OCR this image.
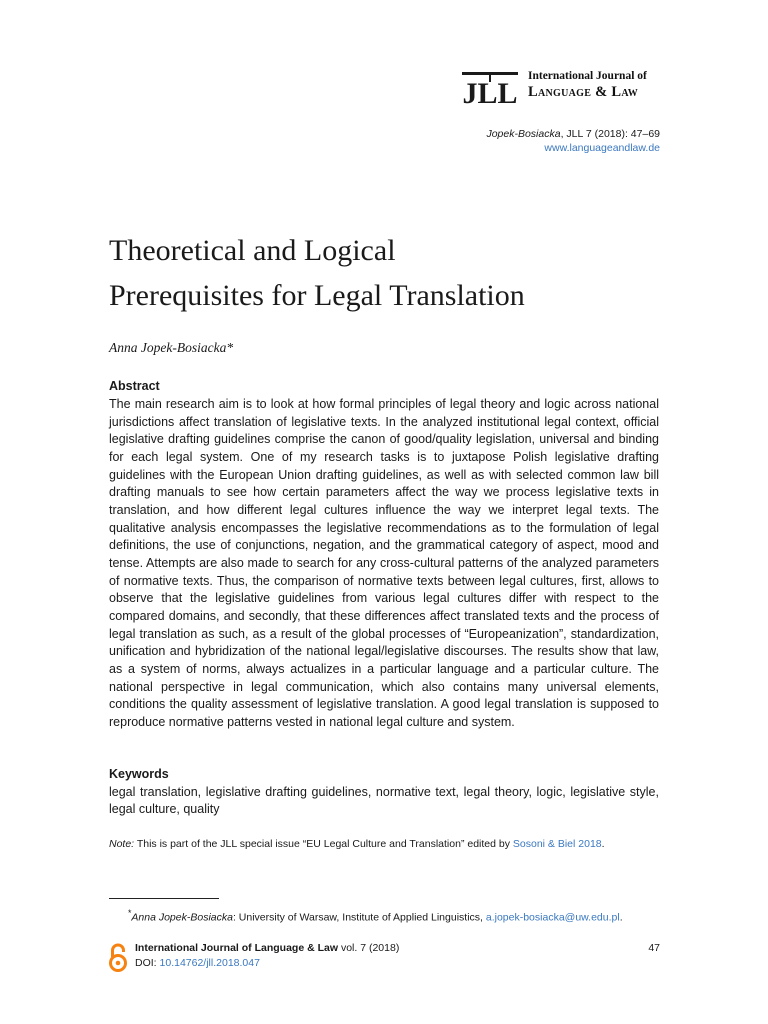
JLL
International Journal of
Language & Law
Jopek-Bosiacka, JLL 7 (2018): 47–69
www.languageandlaw.de
Theoretical and Logical
Prerequisites for Legal Translation
Anna Jopek-Bosiacka*
Abstract
The main research aim is to look at how formal principles of legal theory and logic across national jurisdictions affect translation of legislative texts. In the analyzed institutional legal context, official legislative drafting guidelines comprise the canon of good/quality legislation, universal and binding for each legal system. One of my research tasks is to juxtapose Polish legislative drafting guidelines with the European Union drafting guidelines, as well as with selected common law bill drafting manuals to see how certain parameters affect the way we process legislative texts in translation, and how different legal cultures influence the way we interpret legal texts. The qualitative analysis encompasses the legislative recommendations as to the formulation of legal definitions, the use of conjunctions, negation, and the grammatical category of aspect, mood and tense. Attempts are also made to search for any cross-cultural patterns of the analyzed parameters of normative texts. Thus, the comparison of normative texts between legal cultures, first, allows to observe that the legislative guidelines from various legal cultures differ with respect to the compared domains, and secondly, that these differences affect translated texts and the process of legal translation as such, as a result of the global processes of “Europeanization”, standardization, unification and hybridization of the national legal/legislative discourses. The results show that law, as a system of norms, always actualizes in a particular language and a particular culture. The national perspective in legal communication, which also contains many universal elements, conditions the quality assessment of legislative translation. A good legal translation is supposed to reproduce normative patterns vested in national legal culture and system.
Keywords
legal translation, legislative drafting guidelines, normative text, legal theory, logic, legislative style, legal culture, quality
Note: This is part of the JLL special issue “EU Legal Culture and Translation” edited by Sosoni & Biel 2018.
*Anna Jopek-Bosiacka: University of Warsaw, Institute of Applied Linguistics, a.jopek-bosiacka@uw.edu.pl.
International Journal of Language & Law vol. 7 (2018)
DOI: 10.14762/jll.2018.047
47
